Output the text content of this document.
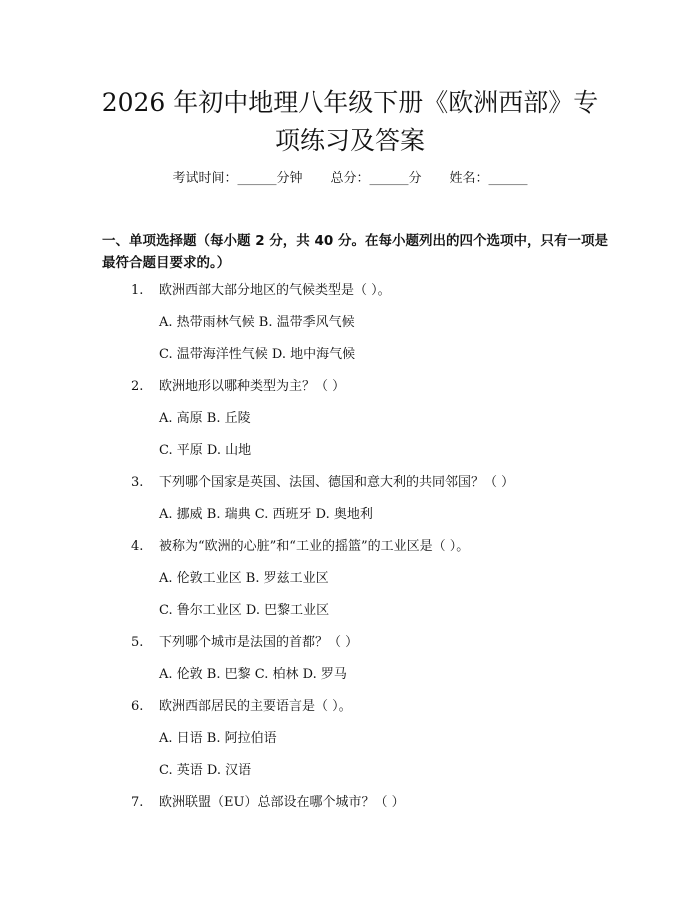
2026 年初中地理八年级下册《欧洲西部》专
项练习及答案
考试时间：______分钟 总分：______分 姓名：______
一、单项选择题（每小题 2 分，共 40 分。在每小题列出的四个选项中，只有一项是最符合题目要求的。）
1. 欧洲西部大部分地区的气候类型是（ ）。
A. 热带雨林气候 B. 温带季风气候
C. 温带海洋性气候 D. 地中海气候
2. 欧洲地形以哪种类型为主？（ ）
A. 高原 B. 丘陵
C. 平原 D. 山地
3. 下列哪个国家是英国、法国、德国和意大利的共同邻国？（ ）
A. 挪威 B. 瑞典 C. 西班牙 D. 奥地利
4. 被称为“欧洲的心脏”和“工业的摇篮”的工业区是（ ）。
A. 伦敦工业区 B. 罗兹工业区
C. 鲁尔工业区 D. 巴黎工业区
5. 下列哪个城市是法国的首都？（ ）
A. 伦敦 B. 巴黎 C. 柏林 D. 罗马
6. 欧洲西部居民的主要语言是（ ）。
A. 日语 B. 阿拉伯语
C. 英语 D. 汉语
7. 欧洲联盟（EU）总部设在哪个城市？（ ）
